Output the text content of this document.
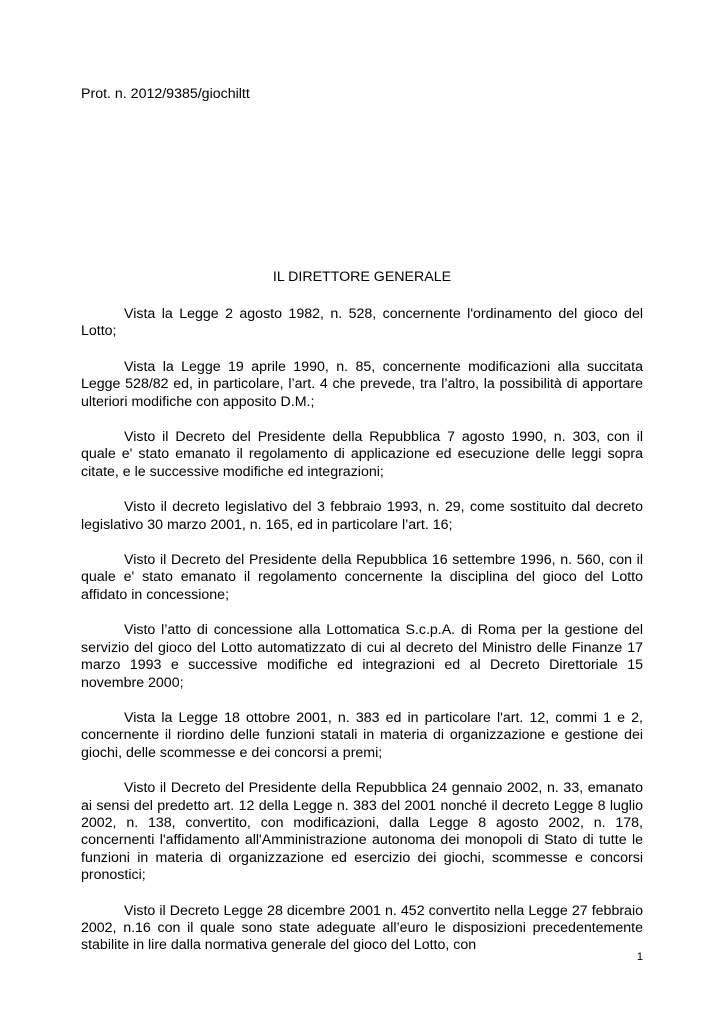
Prot. n. 2012/9385/giochiltt

IL DIRETTORE GENERALE

Vista la Legge 2 agosto 1982, n. 528, concernente l'ordinamento del gioco del Lotto;

Vista la Legge 19 aprile 1990, n. 85, concernente modificazioni alla succitata Legge 528/82 ed, in particolare, l’art. 4 che prevede, tra l’altro, la possibilità di apportare ulteriori modifiche con apposito D.M.;

Visto il Decreto del Presidente della Repubblica 7 agosto 1990, n. 303, con il quale e' stato emanato il regolamento di applicazione ed esecuzione delle leggi sopra citate, e le successive modifiche ed integrazioni;

Visto il decreto legislativo del 3 febbraio 1993, n. 29, come sostituito dal decreto legislativo 30 marzo 2001, n. 165, ed in particolare l’art. 16;

Visto il Decreto del Presidente della Repubblica 16 settembre 1996, n. 560, con il quale e' stato emanato il regolamento concernente la disciplina del gioco del Lotto affidato in concessione;

Visto l’atto di concessione alla Lottomatica S.c.p.A. di Roma per la gestione del servizio del gioco del Lotto automatizzato di cui al decreto del Ministro delle Finanze 17 marzo 1993 e successive modifiche ed integrazioni ed al Decreto Direttoriale 15 novembre 2000;

Vista la Legge 18 ottobre 2001, n. 383 ed in particolare l'art. 12, commi 1 e 2, concernente il riordino delle funzioni statali in materia di organizzazione e gestione dei giochi, delle scommesse e dei concorsi a premi;

Visto il Decreto del Presidente della Repubblica 24 gennaio 2002, n. 33, emanato ai sensi del predetto art. 12 della Legge n. 383 del 2001 nonché il decreto Legge 8 luglio 2002, n. 138, convertito, con modificazioni, dalla Legge 8 agosto 2002, n. 178, concernenti l'affidamento all'Amministrazione autonoma dei monopoli di Stato di tutte le funzioni in materia di organizzazione ed esercizio dei giochi, scommesse e concorsi pronostici;

Visto il Decreto Legge 28 dicembre 2001 n. 452 convertito nella Legge 27 febbraio 2002, n.16 con il quale sono state adeguate all’euro le disposizioni precedentemente stabilite in lire dalla normativa generale del gioco del Lotto, con

1
